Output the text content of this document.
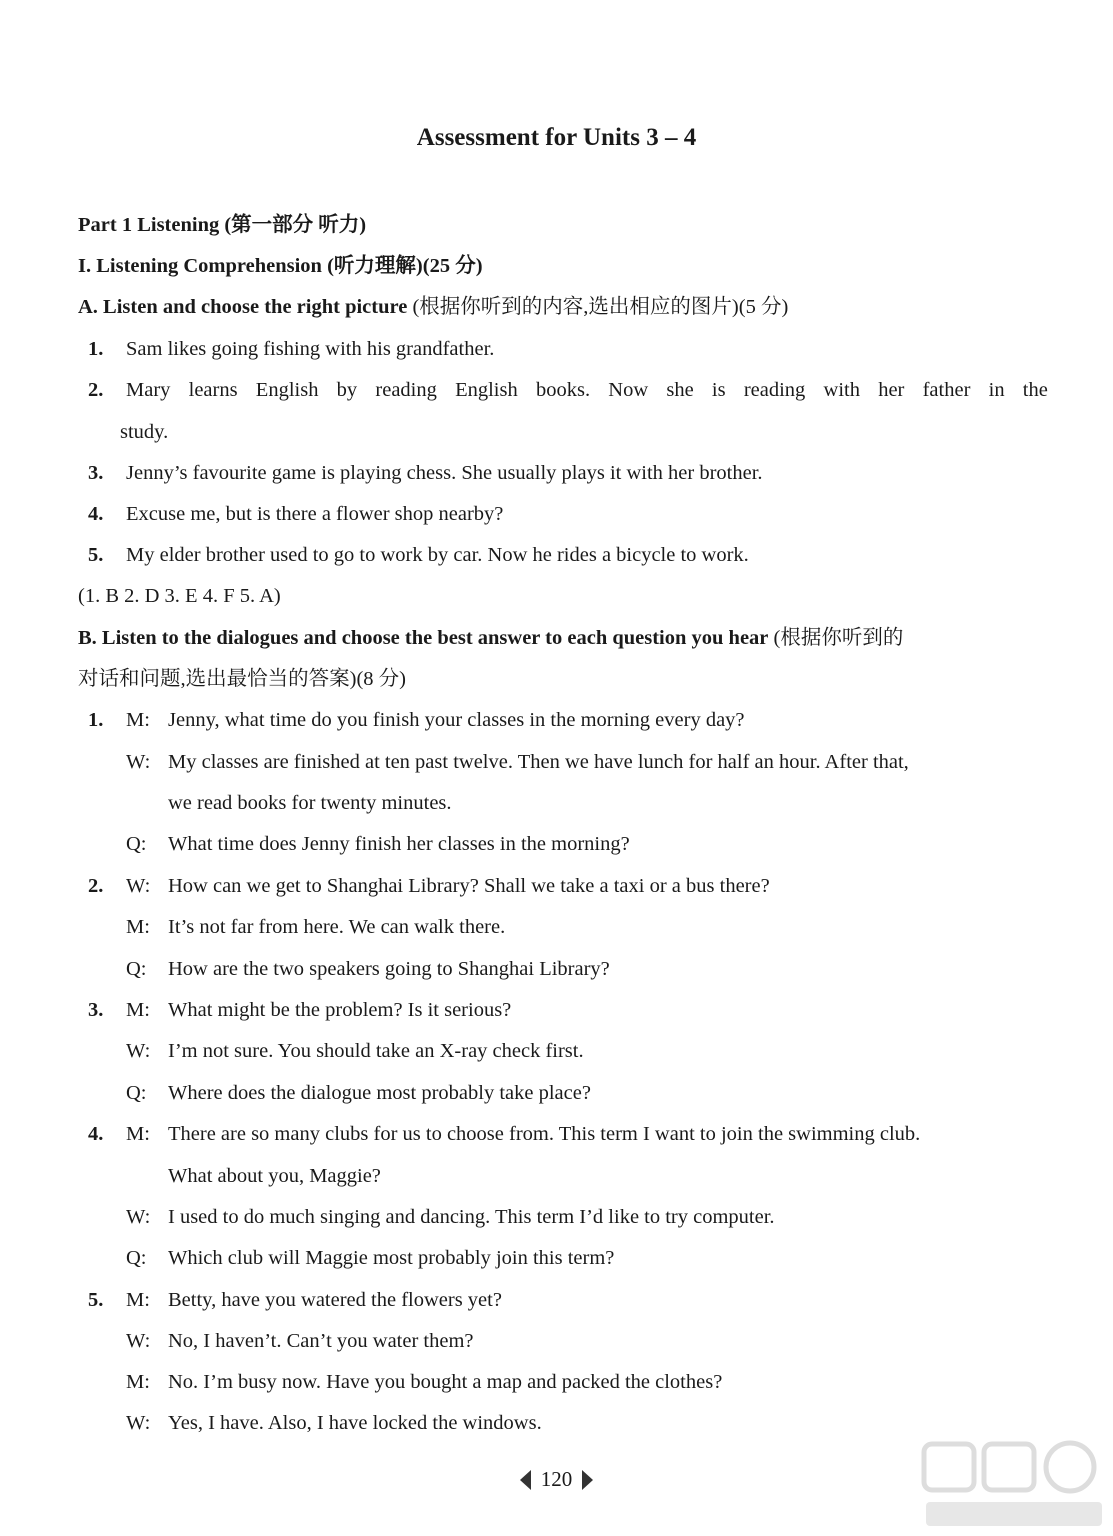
Assessment for Units 3 – 4
Part 1 Listening (第一部分 听力)
I. Listening Comprehension (听力理解)(25 分)
A. Listen and choose the right picture (根据你听到的内容,选出相应的图片)(5 分)
1. Sam likes going fishing with his grandfather.
2.	Mary learns English by reading English books. Now she is reading with her father in the
study.
3. Jenny’s favourite game is playing chess. She usually plays it with her brother.
4. Excuse me, but is there a flower shop nearby?
5. My elder brother used to go to work by car. Now he rides a bicycle to work.
(1. B 2. D 3. E 4. F 5. A)
B. Listen to the dialogues and choose the best answer to each question you hear (根据你听到的
对话和问题,选出最恰当的答案)(8 分)
1. M: Jenny, what time do you finish your classes in the morning every day?
W: My classes are finished at ten past twelve. Then we have lunch for half an hour. After that,
we read books for twenty minutes.
Q: What time does Jenny finish her classes in the morning?
2. W: How can we get to Shanghai Library? Shall we take a taxi or a bus there?
M: It’s not far from here. We can walk there.
Q: How are the two speakers going to Shanghai Library?
3. M: What might be the problem? Is it serious?
W: I’m not sure. You should take an X-ray check first.
Q: Where does the dialogue most probably take place?
4. M: There are so many clubs for us to choose from. This term I want to join the swimming club.
What about you, Maggie?
W: I used to do much singing and dancing. This term I’d like to try computer.
Q: Which club will Maggie most probably join this term?
5. M: Betty, have you watered the flowers yet?
W: No, I haven’t. Can’t you water them?
M: No. I’m busy now. Have you bought a map and packed the clothes?
W: Yes, I have. Also, I have locked the windows.
120
